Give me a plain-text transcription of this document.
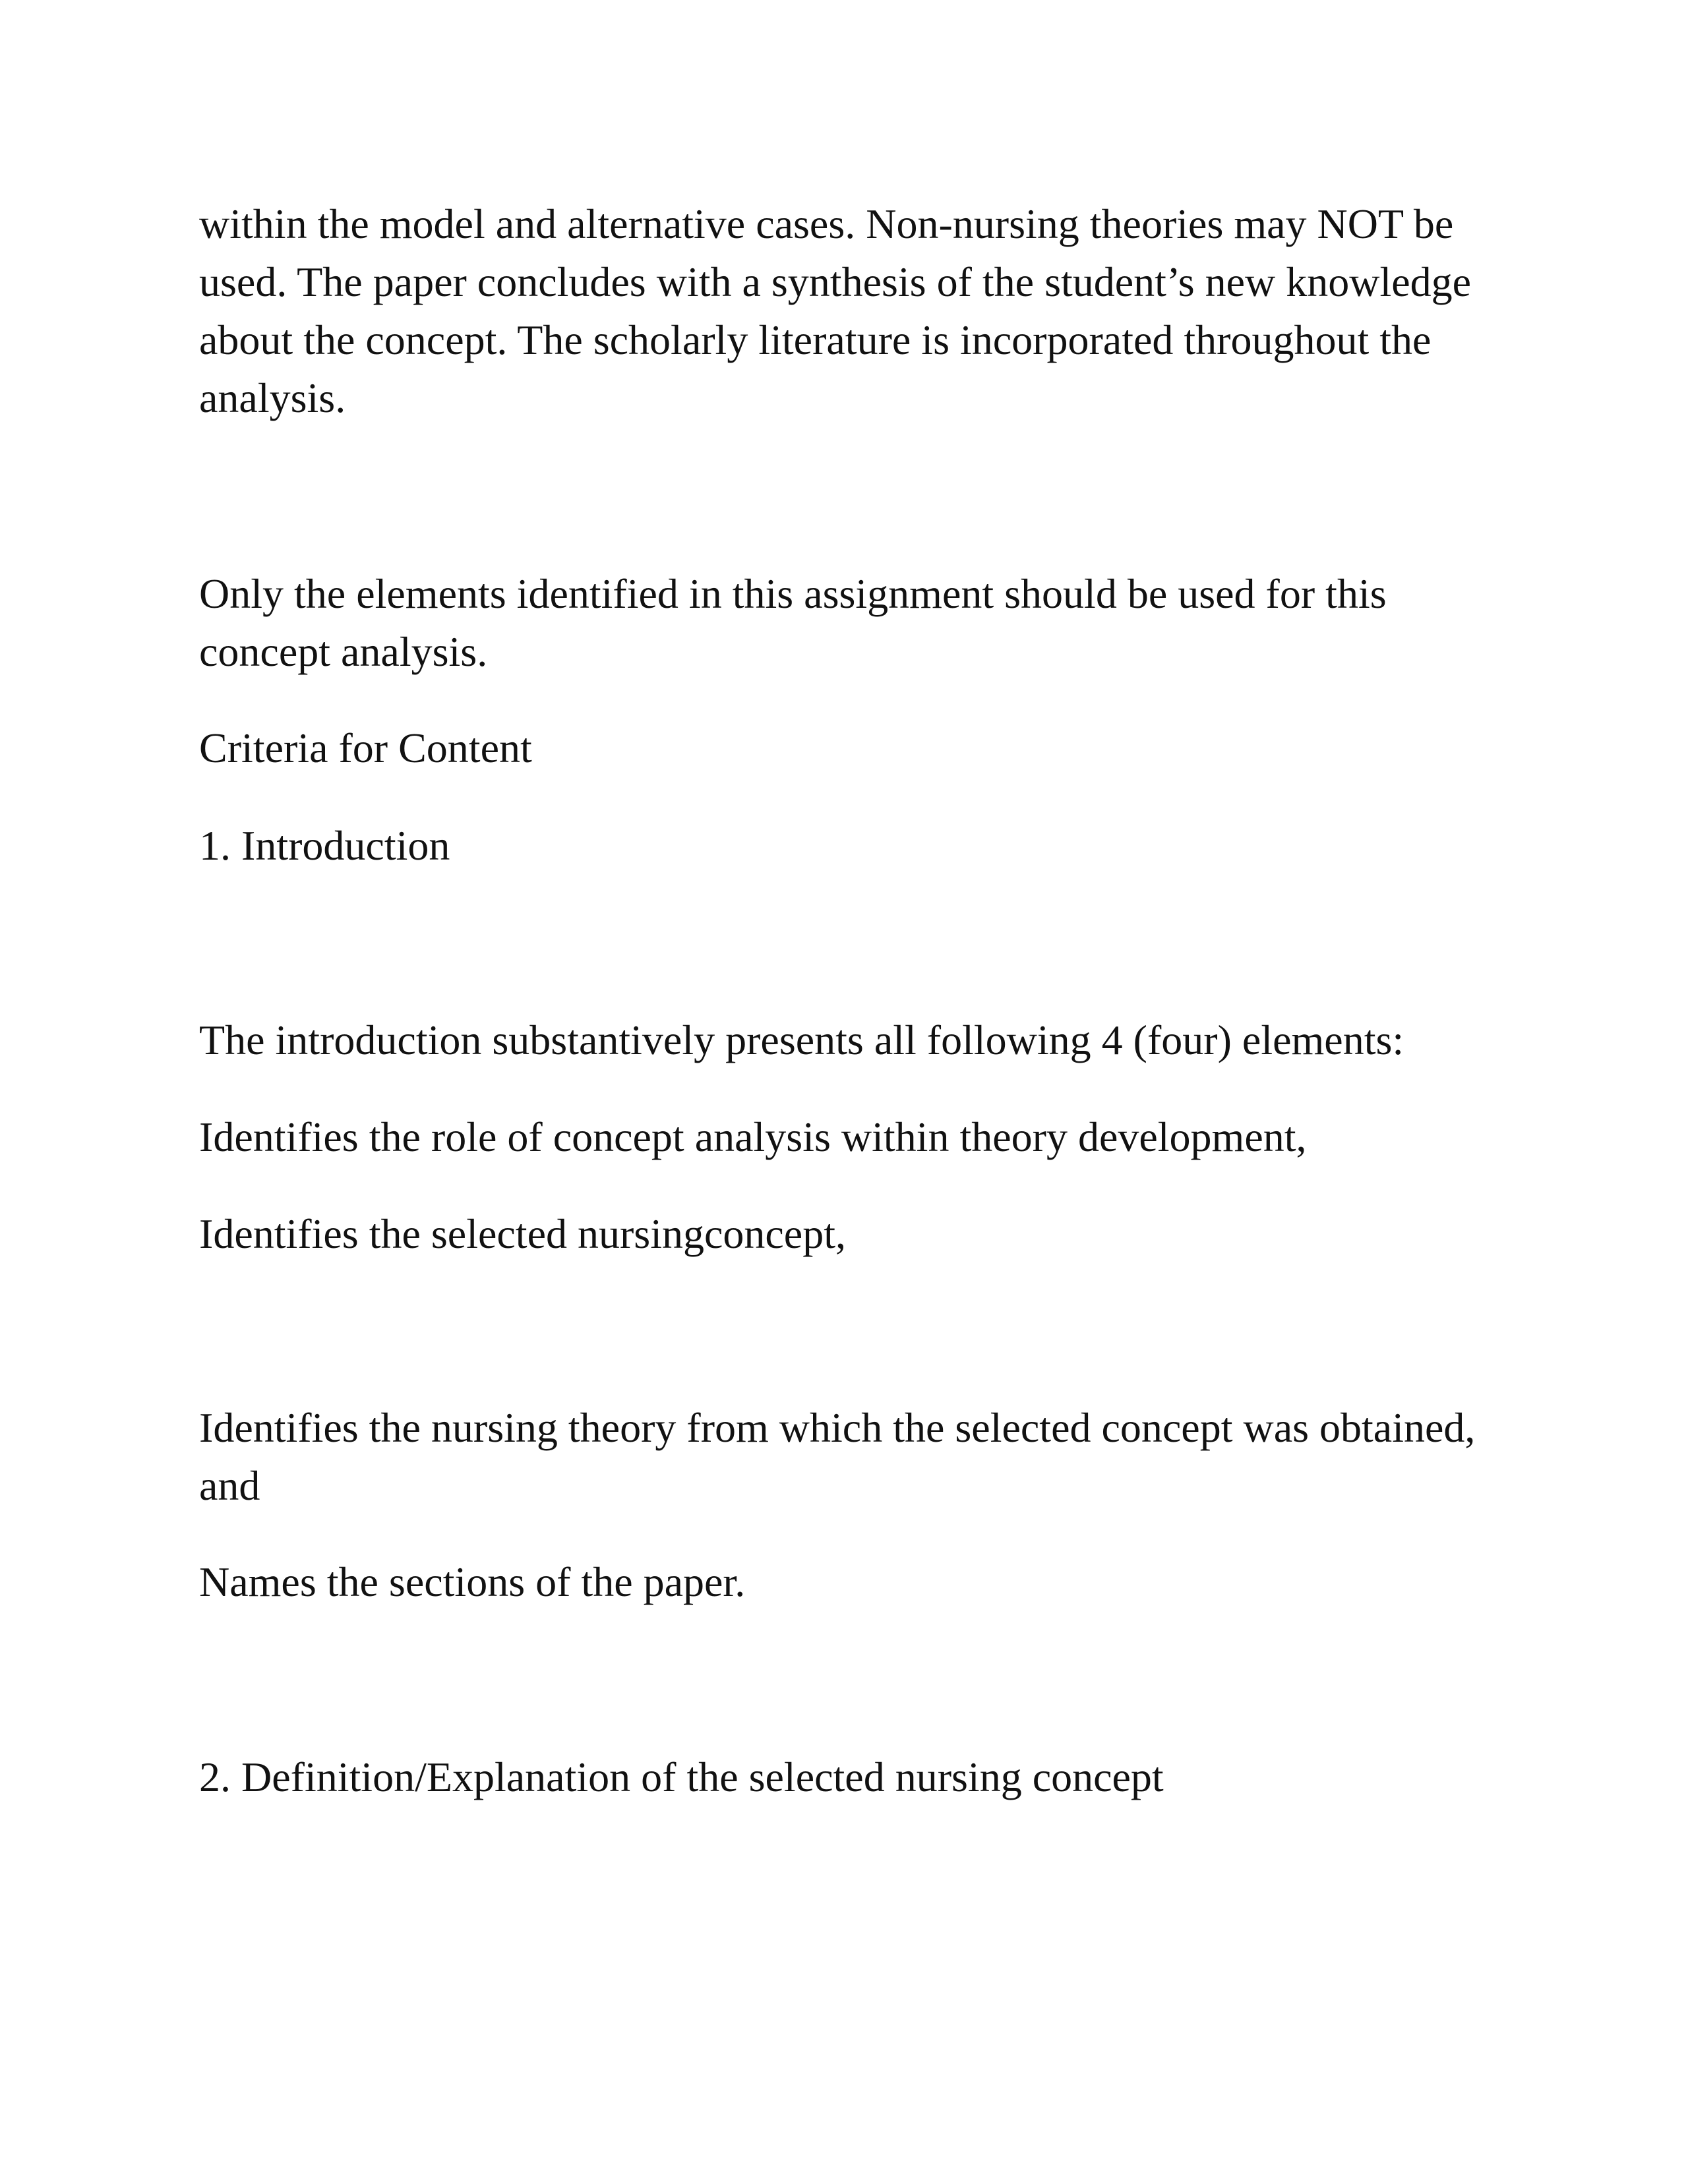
within the model and alternative cases. Non-nursing theories may NOT be used. The paper concludes with a synthesis of the student’s new knowledge about the concept. The scholarly literature is incorporated throughout the analysis.

Only the elements identified in this assignment should be used for this concept analysis.

Criteria for Content

1. Introduction

The introduction substantively presents all following 4 (four) elements:

Identifies the role of concept analysis within theory development,

Identifies the selected nursingconcept,

Identifies the nursing theory from which the selected concept was obtained, and

Names the sections of the paper.

2. Definition/Explanation of the selected nursing concept
